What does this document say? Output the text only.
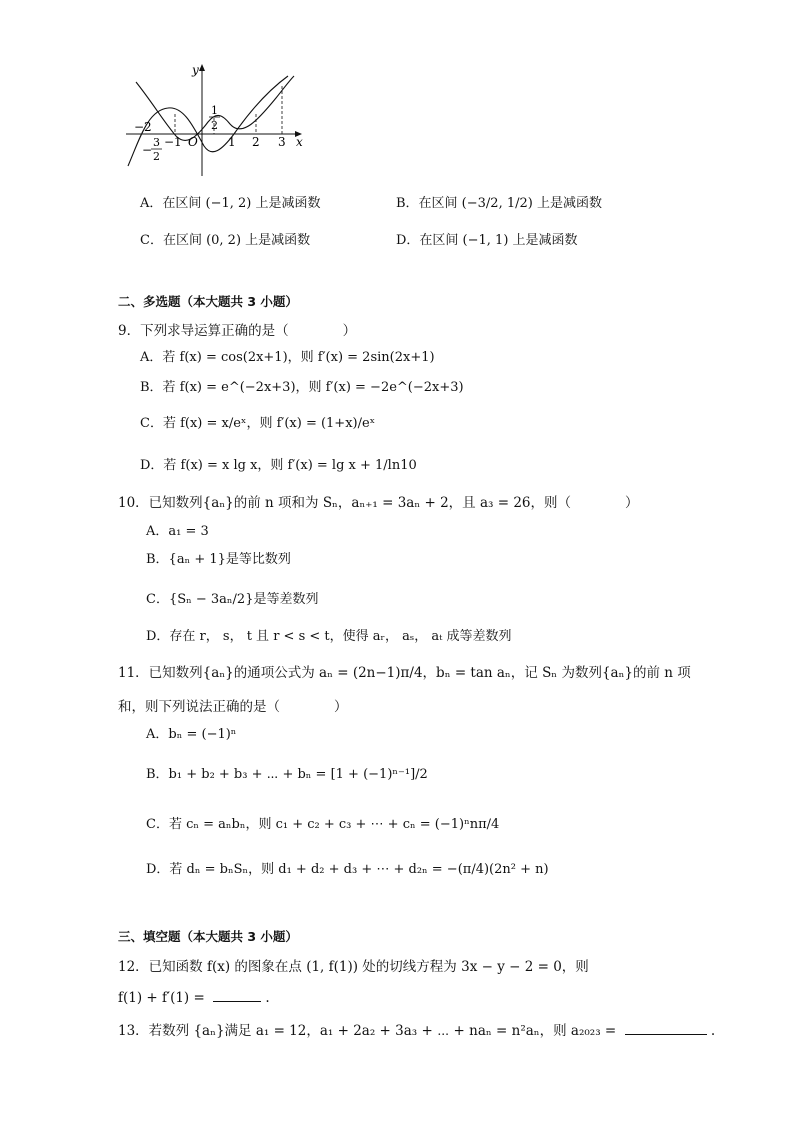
y
x
O
−2
−1	1 2 3
−
3
2
1
2
A．在区间 (−1, 2) 上是减函数	B．在区间 (−3/2, 1/2) 上是减函数
C．在区间 (0, 2) 上是减函数	D．在区间 (−1, 1) 上是减函数
二、多选题（本大题共 3 小题）
9．下列求导运算正确的是（　　　　）
A．若 f(x) = cos(2x+1)，则 f′(x) = 2sin(2x+1)
B．若 f(x) = e^(−2x+3)，则 f′(x) = −2e^(−2x+3)
C．若 f(x) = x/eˣ，则 f′(x) = (1+x)/eˣ
D．若 f(x) = x lg x，则 f′(x) = lg x + 1/ln10
10．已知数列{aₙ}的前 n 项和为 Sₙ，aₙ₊₁ = 3aₙ + 2，且 a₃ = 26，则（　　　　）
A．a₁ = 3
B．{aₙ + 1}是等比数列
C．{Sₙ − 3aₙ/2}是等差数列
D．存在 r， s， t 且 r < s < t，使得 aᵣ， aₛ， aₜ 成等差数列
11．已知数列{aₙ}的通项公式为 aₙ = (2n−1)π/4，bₙ = tan aₙ，记 Sₙ 为数列{aₙ}的前 n 项
和，则下列说法正确的是（　　　　）
A．bₙ = (−1)ⁿ
B．b₁ + b₂ + b₃ + ⋯ + bₙ = [1 + (−1)ⁿ⁻¹]/2
C．若 cₙ = aₙbₙ，则 c₁ + c₂ + c₃ + ⋯ + cₙ = (−1)ⁿnπ/4
D．若 dₙ = bₙSₙ，则 d₁ + d₂ + d₃ + ⋯ + d₂ₙ = −(π/4)(2n² + n)
三、填空题（本大题共 3 小题）
12．已知函数 f(x) 的图象在点 (1, f(1)) 处的切线方程为 3x − y − 2 = 0，则
f(1) + f′(1) =	.
13．若数列 {aₙ}满足 a₁ = 12，a₁ + 2a₂ + 3a₃ + ⋯ + naₙ = n²aₙ，则 a₂₀₂₃ =	.
